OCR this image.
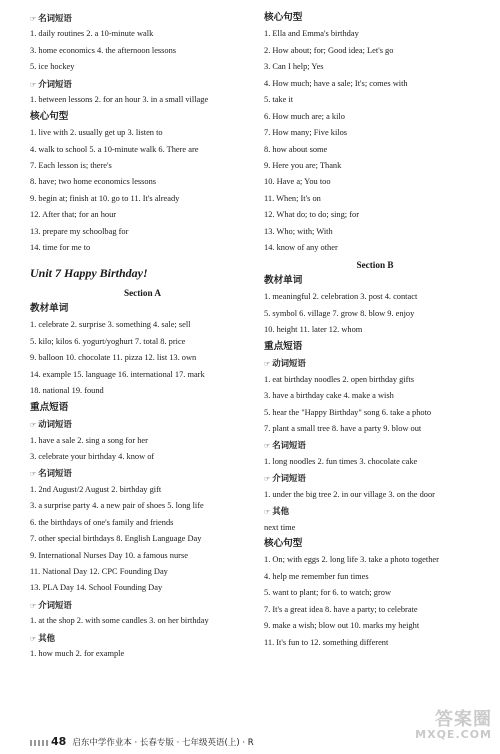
☞ 名词短语
1. daily routines 2. a 10-minute walk
3. home economics 4. the afternoon lessons
5. ice hockey
☞ 介词短语
1. between lessons 2. for an hour 3. in a small village
核心句型
1. live with 2. usually get up 3. listen to
4. walk to school 5. a 10-minute walk 6. There are
7. Each lesson is; there's
8. have; two home economics lessons
9. begin at; finish at 10. go to 11. It's already
12. After that; for an hour
13. prepare my schoolbag for
14. time for me to
Unit 7 Happy Birthday!
Section A
教材单词
1. celebrate 2. surprise 3. something 4. sale; sell
5. kilo; kilos 6. yogurt/yoghurt 7. total 8. price
9. balloon 10. chocolate 11. pizza 12. list 13. own
14. example 15. language 16. international 17. mark
18. national 19. found
重点短语
☞ 动词短语
1. have a sale 2. sing a song for her
3. celebrate your birthday 4. know of
☞ 名词短语
1. 2nd August/2 August 2. birthday gift
3. a surprise party 4. a new pair of shoes 5. long life
6. the birthdays of one's family and friends
7. other special birthdays 8. English Language Day
9. International Nurses Day 10. a famous nurse
11. National Day 12. CPC Founding Day
13. PLA Day 14. School Founding Day
☞ 介词短语
1. at the shop 2. with some candles 3. on her birthday
☞ 其他
1. how much 2. for example
核心句型
1. Ella and Emma's birthday
2. How about; for; Good idea; Let's go
3. Can I help; Yes
4. How much; have a sale; It's; comes with
5. take it
6. How much are; a kilo
7. How many; Five kilos
8. how about some
9. Here you are; Thank
10. Have a; You too
11. When; It's on
12. What do; to do; sing; for
13. Who; with; With
14. know of any other
Section B
教材单词
1. meaningful 2. celebration 3. post 4. contact
5. symbol 6. village 7. grow 8. blow 9. enjoy
10. height 11. later 12. whom
重点短语
☞ 动词短语
1. eat birthday noodles 2. open birthday gifts
3. have a birthday cake 4. make a wish
5. hear the "Happy Birthday" song 6. take a photo
7. plant a small tree 8. have a party 9. blow out
☞ 名词短语
1. long noodles 2. fun times 3. chocolate cake
☞ 介词短语
1. under the big tree 2. in our village 3. on the door
☞ 其他
next time
核心句型
1. On; with eggs 2. long life 3. take a photo together
4. help me remember fun times
5. want to plant; for 6. to watch; grow
7. It's a great idea 8. have a party; to celebrate
9. make a wish; blow out 10. marks my height
11. It's fun to 12. something different
48 启东中学作业本 · 长春专版 · 七年级英语(上) · R
答案圈
MXQE.COM
